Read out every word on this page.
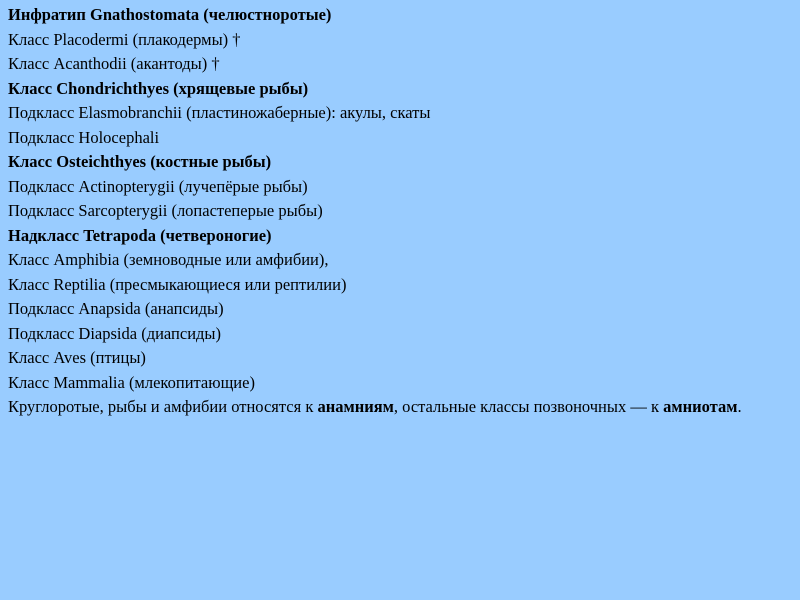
Инфратип Gnathostomata (челюстноротые)

Класс Placodermi (плакодермы) †

Класс Acanthodii (акантоды) †

Класс Chondrichthyes (хрящевые рыбы)

Подкласс Elasmobranchii (пластиножаберные): акулы, скаты

Подкласс Holocephali

Класс Osteichthyes (костные рыбы)

Подкласс Actinopterygii (лучепёрые рыбы)

Подкласс Sarcopterygii (лопастеперые рыбы)

Надкласс Tetrapoda (четвероногие)

Класс Amphibia (земноводные или амфибии),

Класс Reptilia (пресмыкающиеся или рептилии)

Подкласс Anapsida (анапсиды)

Подкласс Diapsida (диапсиды)

Класс Aves (птицы)

Класс Mammalia (млекопитающие)

Круглоротые, рыбы и амфибии относятся к анамниям, остальные классы позвоночных — к амниотам.
